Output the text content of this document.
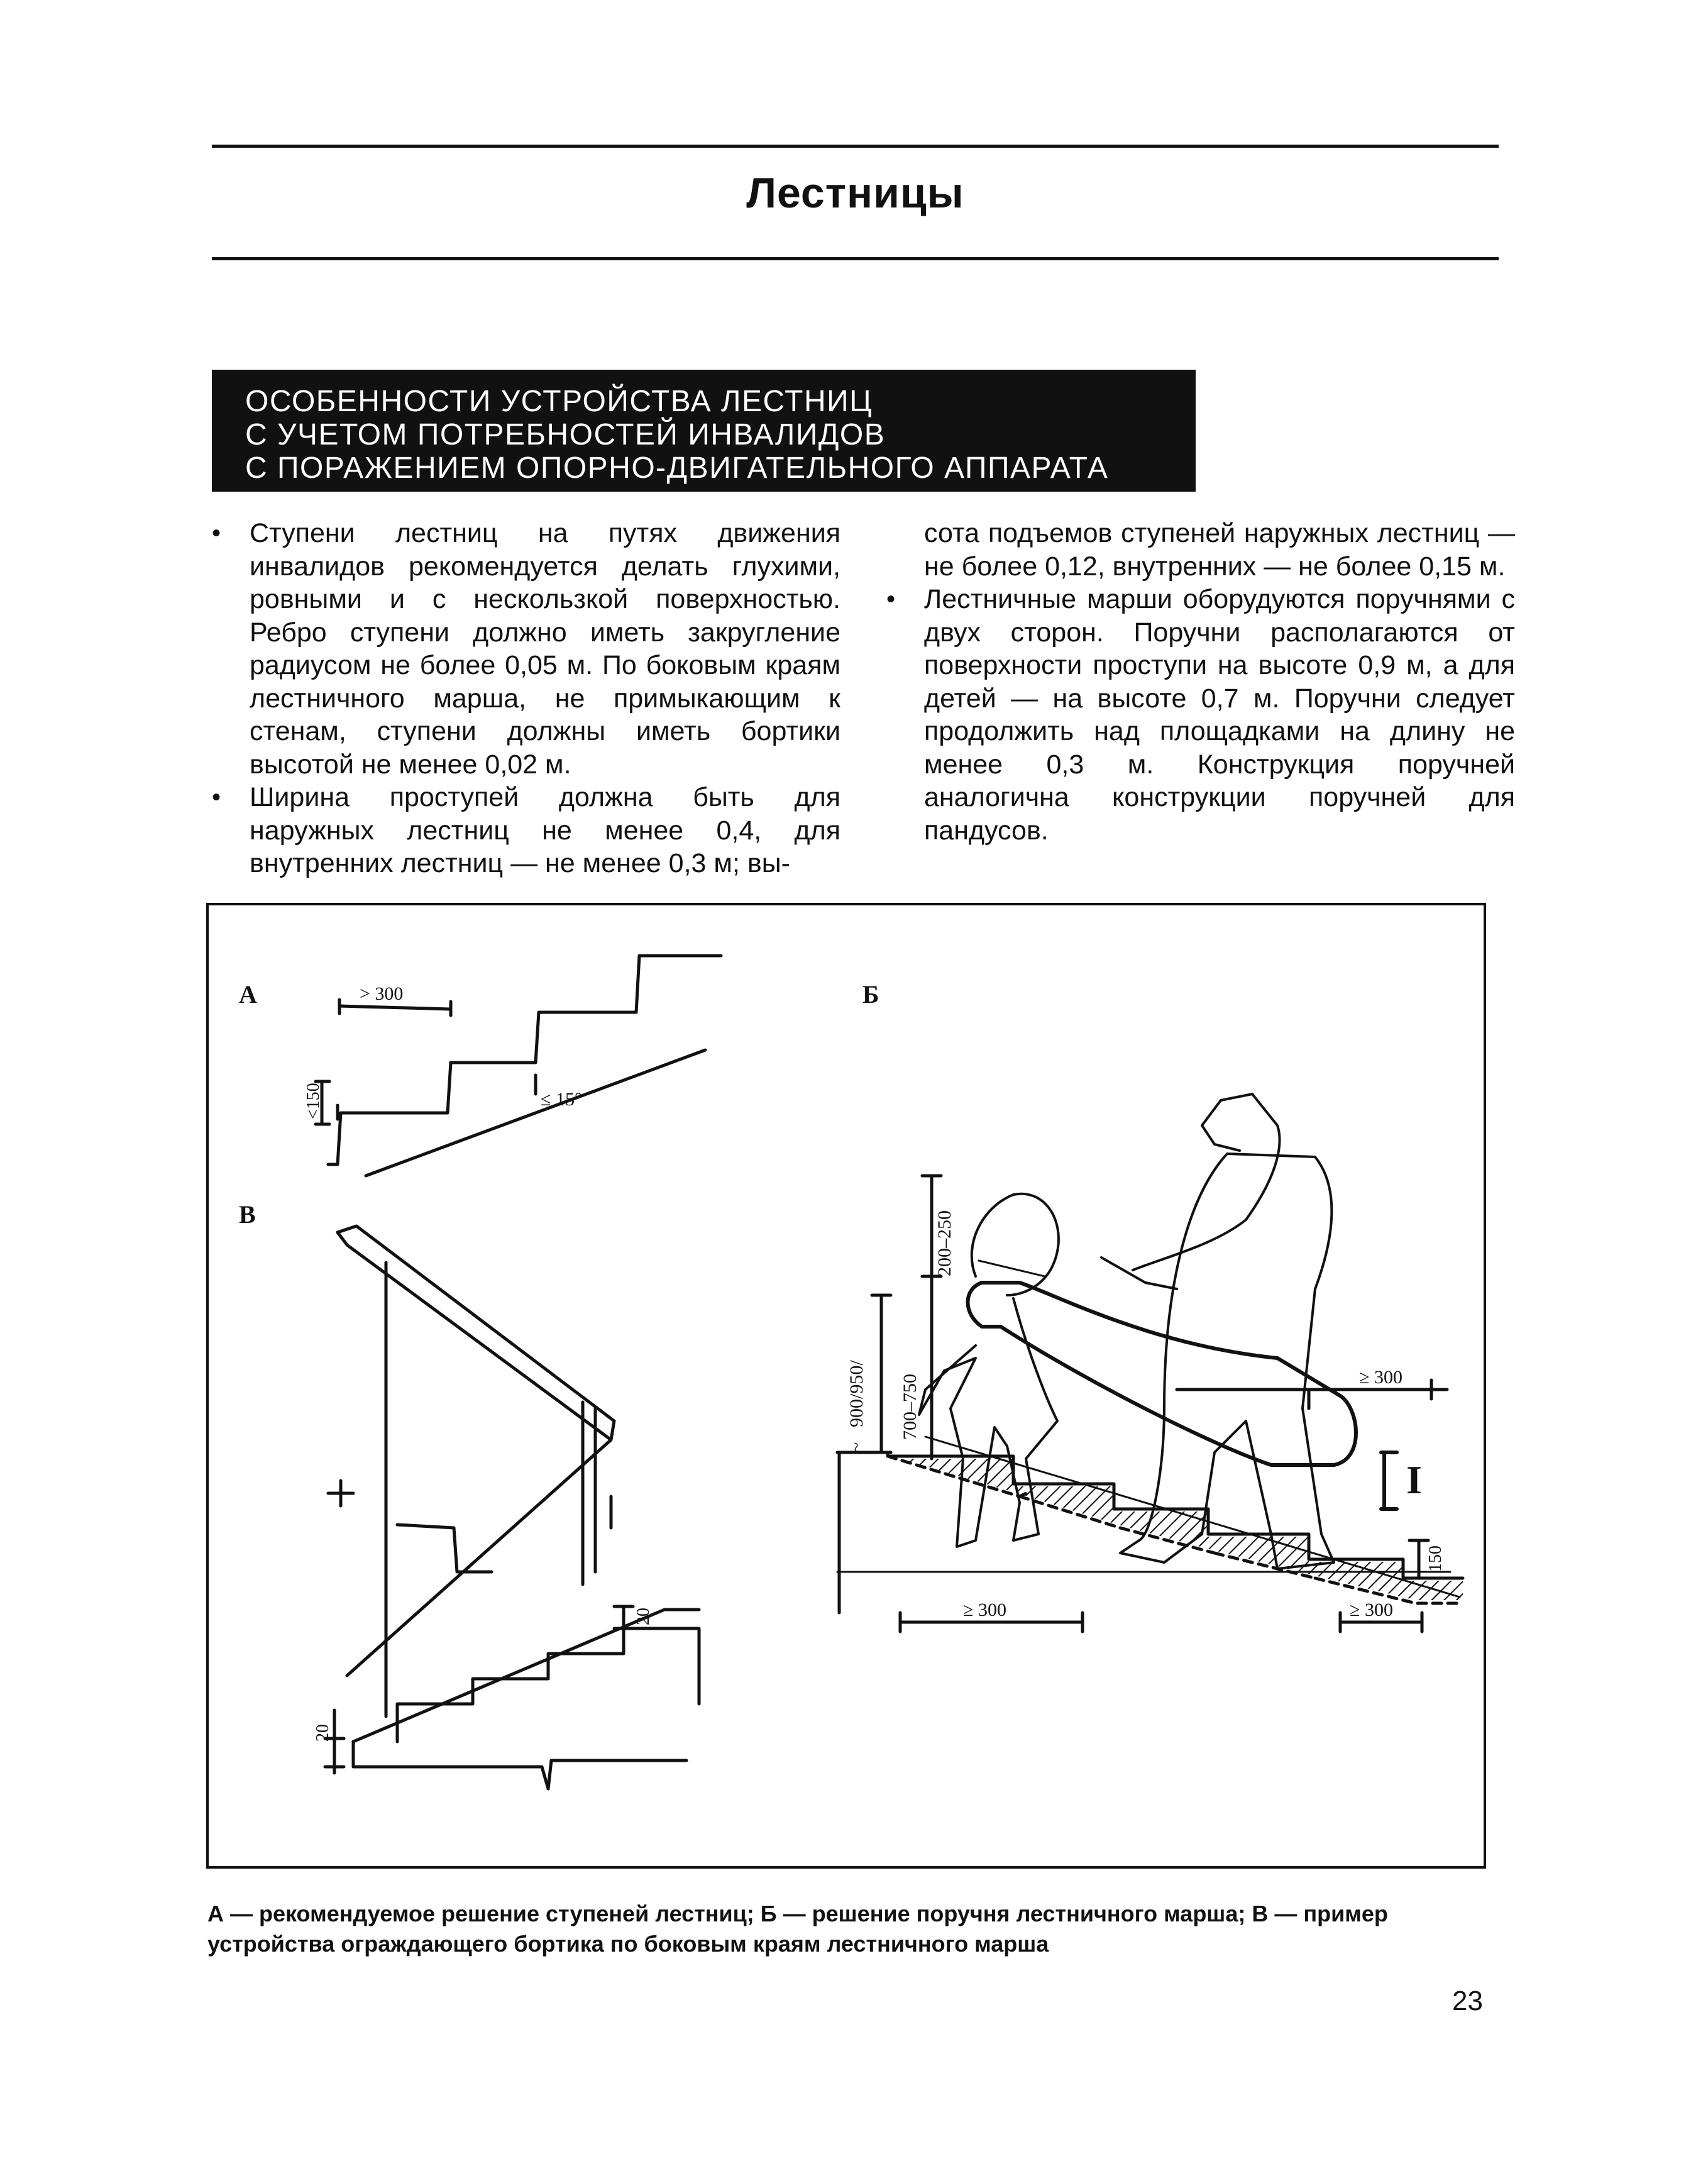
Лестницы
ОСОБЕННОСТИ УСТРОЙСТВА ЛЕСТНИЦ
С УЧЕТОМ ПОТРЕБНОСТЕЙ ИНВАЛИДОВ
С ПОРАЖЕНИЕМ ОПОРНО-ДВИГАТЕЛЬНОГО АППАРАТА

•	Ступени лестниц на путях движения инвалидов рекомендуется делать глухими, ровными и с нескользкой поверхностью. Ребро ступени должно иметь закругление радиусом не более 0,05 м. По боковым краям лестничного марша, не примыкающим к стенам, ступени должны иметь бортики высотой не менее 0,02 м.

•	Ширина проступей должна быть для наружных лестниц не менее 0,4, для внутренних лестниц — не менее 0,3 м; вы-

сота подъемов ступеней наружных лестниц — не более 0,12, внутренних — не более 0,15 м.

•	Лестничные марши оборудуются поручнями с двух сторон. Поручни располагаются от поверхности проступи на высоте 0,9 м, а для детей — на высоте 0,7 м. Поручни следует продолжить над площадками на длину не менее 0,3 м. Конструкция поручней аналогична конструкции поручней для пандусов.

А	> 300
<150	≤ 15°
В
20
20
Б
200–250
900/950/
~
700–750	≥ 300
≥ 300	≥ 300
150
I
А — рекомендуемое решение ступеней лестниц; Б — решение поручня лестничного марша; В — пример устройства ограждающего бортика по боковым краям лестничного марша
23
